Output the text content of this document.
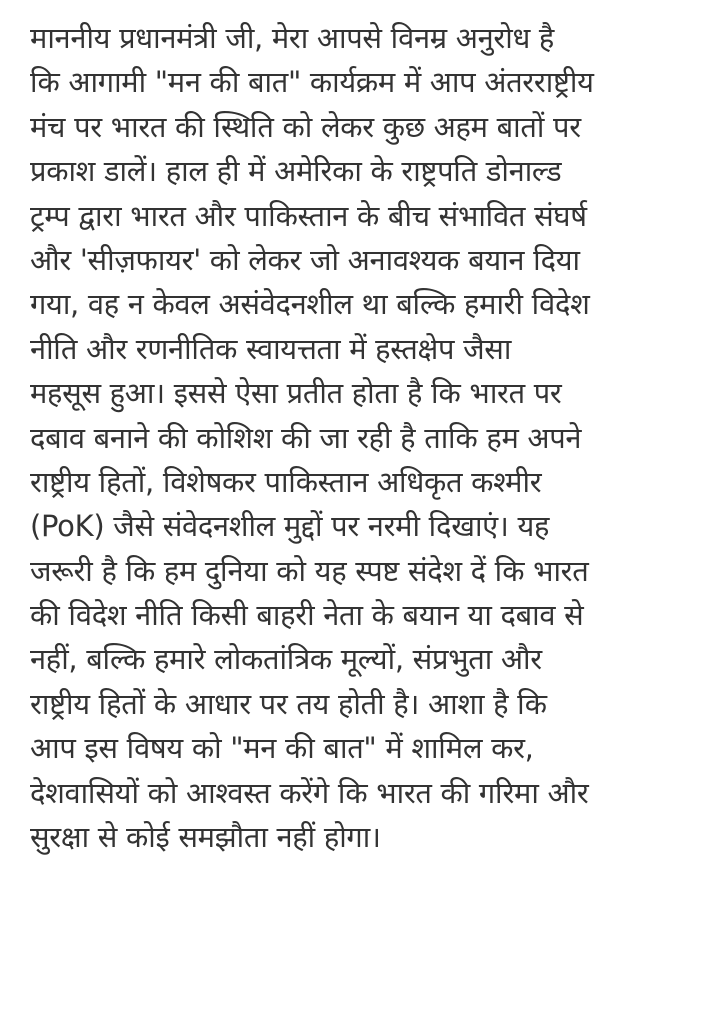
माननीय प्रधानमंत्री जी, मेरा आपसे विनम्र अनुरोध है
कि आगामी "मन की बात" कार्यक्रम में आप अंतरराष्ट्रीय
मंच पर भारत की स्थिति को लेकर कुछ अहम बातों पर
प्रकाश डालें। हाल ही में अमेरिका के राष्ट्रपति डोनाल्ड
ट्रम्प द्वारा भारत और पाकिस्तान के बीच संभावित संघर्ष
और 'सीज़फायर' को लेकर जो अनावश्यक बयान दिया
गया, वह न केवल असंवेदनशील था बल्कि हमारी विदेश
नीति और रणनीतिक स्वायत्तता में हस्तक्षेप जैसा
महसूस हुआ। इससे ऐसा प्रतीत होता है कि भारत पर
दबाव बनाने की कोशिश की जा रही है ताकि हम अपने
राष्ट्रीय हितों, विशेषकर पाकिस्तान अधिकृत कश्मीर
(PoK) जैसे संवेदनशील मुद्दों पर नरमी दिखाएं। यह
जरूरी है कि हम दुनिया को यह स्पष्ट संदेश दें कि भारत
की विदेश नीति किसी बाहरी नेता के बयान या दबाव से
नहीं, बल्कि हमारे लोकतांत्रिक मूल्यों, संप्रभुता और
राष्ट्रीय हितों के आधार पर तय होती है। आशा है कि
आप इस विषय को "मन की बात" में शामिल कर,
देशवासियों को आश्वस्त करेंगे कि भारत की गरिमा और
सुरक्षा से कोई समझौता नहीं होगा।
